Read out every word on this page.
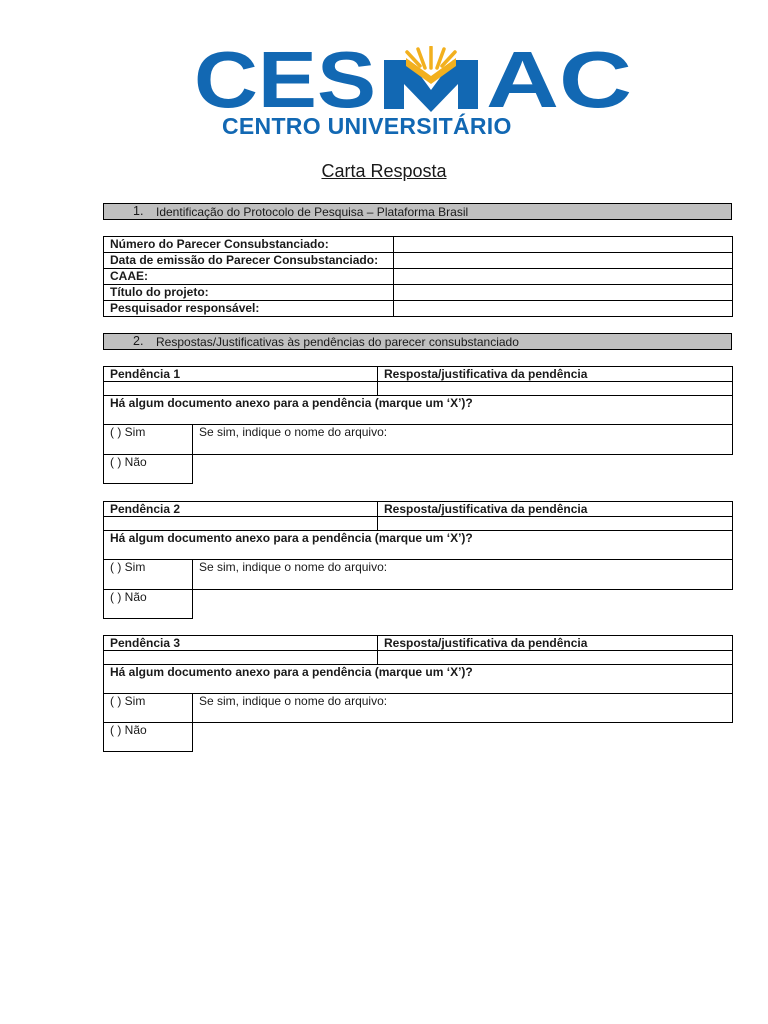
CES AC
CENTRO UNIVERSITÁRIO
Carta Resposta
1. Identificação do Protocolo de Pesquisa – Plataforma Brasil
Número do Parecer Consubstanciado:	
Data de emissão do Parecer Consubstanciado:	
CAAE:	
Título do projeto:	
Pesquisador responsável:	
2. Respostas/Justificativas às pendências do parecer consubstanciado
Pendência 1		Resposta/justificativa da pendência

Há algum documento anexo para a pendência (marque um ‘X’)?		
( ) Sim	Se sim, indique o nome do arquivo:	
( ) Não		
Pendência 2		Resposta/justificativa da pendência

Há algum documento anexo para a pendência (marque um ‘X’)?		
( ) Sim	Se sim, indique o nome do arquivo:	
( ) Não		
Pendência 3		Resposta/justificativa da pendência

Há algum documento anexo para a pendência (marque um ‘X’)?		
( ) Sim	Se sim, indique o nome do arquivo:	
( ) Não		
